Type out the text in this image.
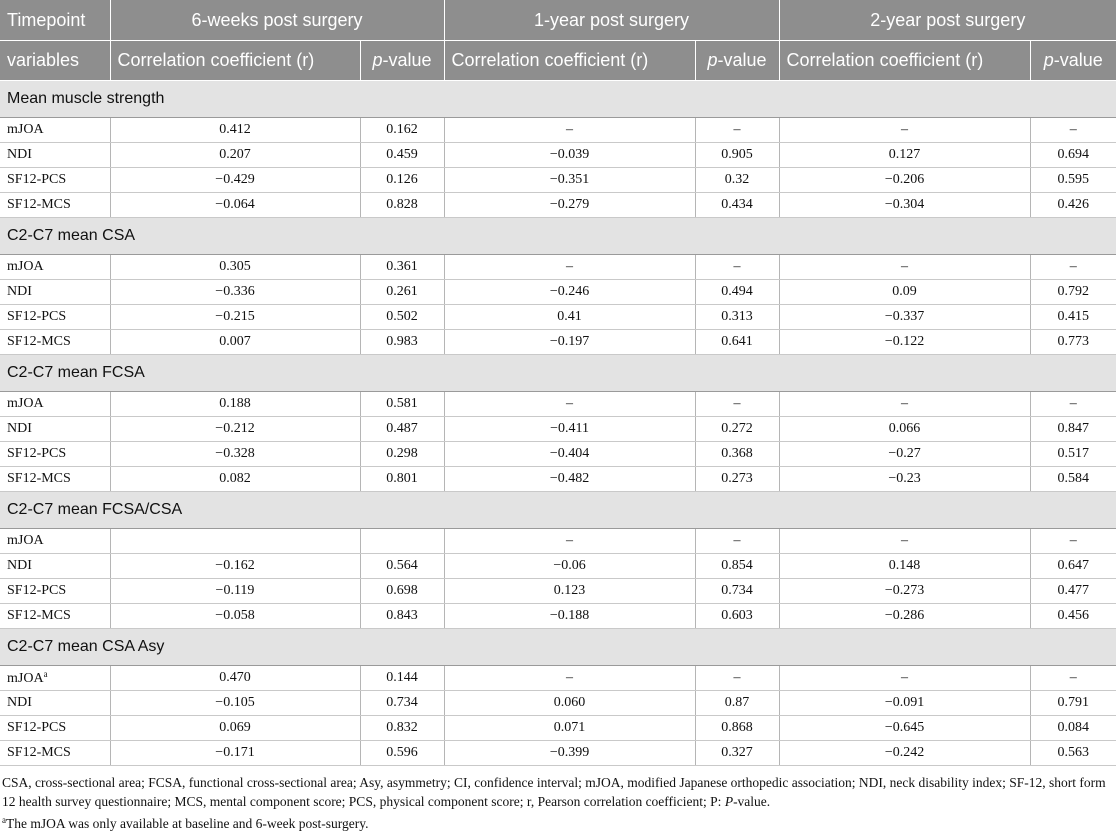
Timepoint	6-weeks post surgery		1-year post surgery		2-year post surgery	
variables	Correlation coefficient (r)	p-value	Correlation coefficient (r)	p-value	Correlation coefficient (r)	p-value
Mean muscle strength						
mJOA	0.412	0.162	–	–	–	–
NDI	0.207	0.459	−0.039	0.905	0.127	0.694
SF12-PCS	−0.429	0.126	−0.351	0.32	−0.206	0.595
SF12-MCS	−0.064	0.828	−0.279	0.434	−0.304	0.426
C2-C7 mean CSA						
mJOA	0.305	0.361	–	–	–	–
NDI	−0.336	0.261	−0.246	0.494	0.09	0.792
SF12-PCS	−0.215	0.502	0.41	0.313	−0.337	0.415
SF12-MCS	0.007	0.983	−0.197	0.641	−0.122	0.773
C2-C7 mean FCSA						
mJOA	0.188	0.581	–	–	–	–
NDI	−0.212	0.487	−0.411	0.272	0.066	0.847
SF12-PCS	−0.328	0.298	−0.404	0.368	−0.27	0.517
SF12-MCS	0.082	0.801	−0.482	0.273	−0.23	0.584
C2-C7 mean FCSA/CSA						
mJOA			–	–	–	–
NDI	−0.162	0.564	−0.06	0.854	0.148	0.647
SF12-PCS	−0.119	0.698	0.123	0.734	−0.273	0.477
SF12-MCS	−0.058	0.843	−0.188	0.603	−0.286	0.456
C2-C7 mean CSA Asy						
mJOA$^a$	0.470	0.144	–	–	–	–
NDI	−0.105	0.734	0.060	0.87	−0.091	0.791
SF12-PCS	0.069	0.832	0.071	0.868	−0.645	0.084
SF12-MCS	−0.171	0.596	−0.399	0.327	−0.242	0.563

CSA, cross-sectional area; FCSA, functional cross-sectional area; Asy, asymmetry; CI, confidence interval; mJOA, modified Japanese orthopedic association; NDI, neck disability index; SF-12, short form 12 health survey questionnaire; MCS, mental component score; PCS, physical component score; r, Pearson correlation coefficient; P: P-value.

$^a$The mJOA was only available at baseline and 6-week post-surgery.
